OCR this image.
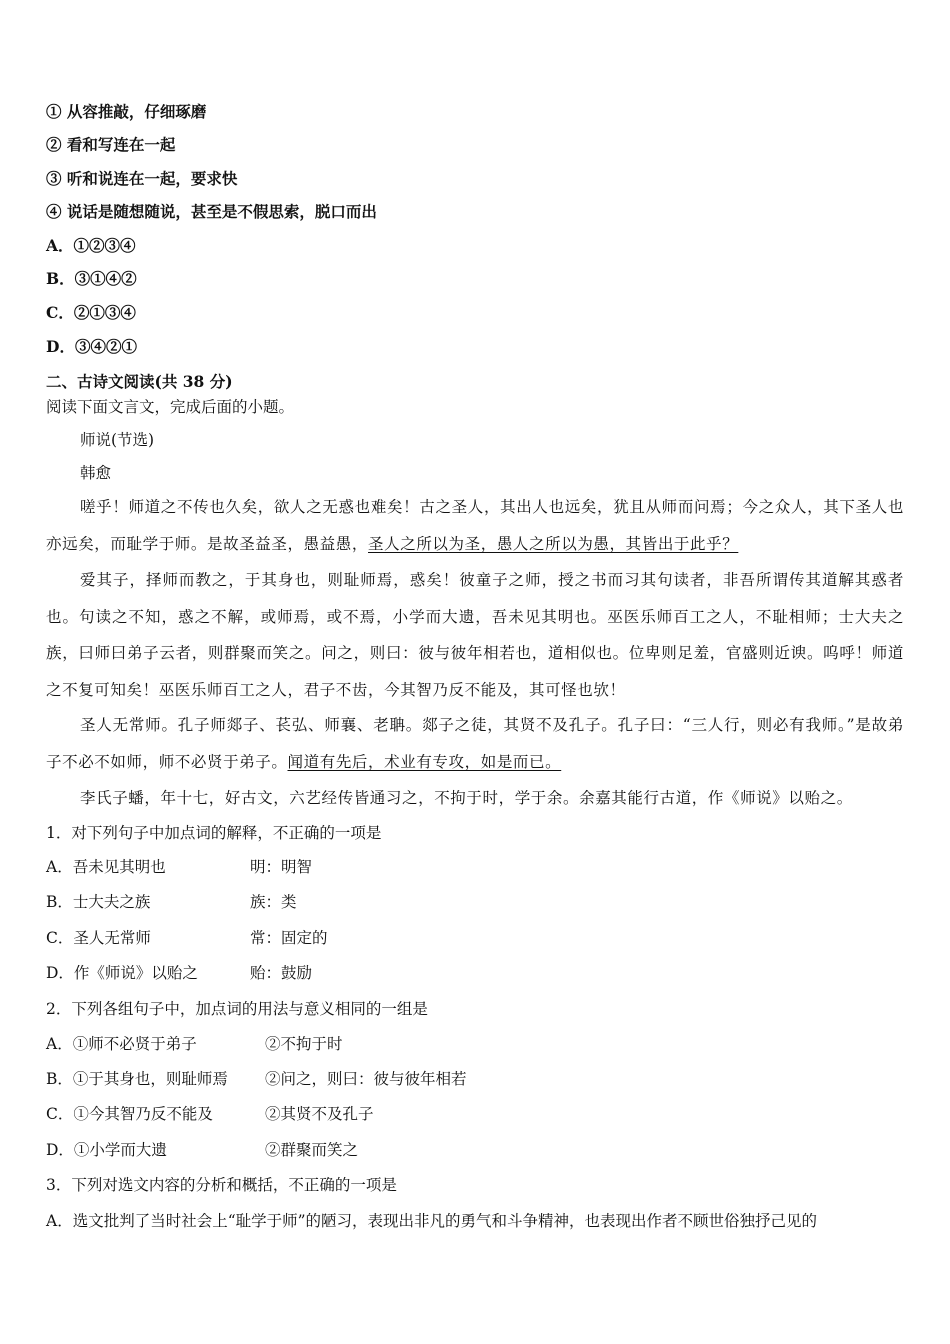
① 从容推敲，仔细琢磨
② 看和写连在一起
③ 听和说连在一起，要求快
④ 说话是随想随说，甚至是不假思索，脱口而出
A．①②③④
B．③①④②
C．②①③④
D．③④②①
二、古诗文阅读(共 38 分)
阅读下面文言文，完成后面的小题。
师说(节选)
韩愈

嗟乎！师道之不传也久矣，欲人之无惑也难矣！古之圣人，其出人也远矣，犹且从师而问焉；今之众人，其下圣人也亦远矣，而耻学于师。是故圣益圣，愚益愚，圣人之所以为圣，愚人之所以为愚，其皆出于此乎？

爱其子，择师而教之，于其身也，则耻师焉，惑矣！彼童子之师，授之书而习其句读者，非吾所谓传其道解其惑者也。句读之不知，惑之不解，或师焉，或不焉，小学而大遗，吾未见其明也。巫医乐师百工之人，不耻相师；士大夫之族，曰师曰弟子云者，则群聚而笑之。问之，则曰：彼与彼年相若也，道相似也。位卑则足羞，官盛则近谀。呜呼！师道之不复可知矣！巫医乐师百工之人，君子不齿，今其智乃反不能及，其可怪也欤！

圣人无常师。孔子师郯子、苌弘、师襄、老聃。郯子之徒，其贤不及孔子。孔子曰：“三人行，则必有我师。”是故弟子不必不如师，师不必贤于弟子。闻道有先后，术业有专攻，如是而已。

李氏子蟠，年十七，好古文，六艺经传皆通习之，不拘于时，学于余。余嘉其能行古道，作《师说》以贻之。

1．对下列句子中加点词的解释，不正确的一项是
A．吾未见其明也	明：明智
B．士大夫之族	族：类
C．圣人无常师	常：固定的
D．作《师说》以贻之	贻：鼓励
2．下列各组句子中，加点词的用法与意义相同的一组是
A．①师不必贤于弟子	②不拘于时
B．①于其身也，则耻师焉 ②问之，则曰：彼与彼年相若
C．①今其智乃反不能及	②其贤不及孔子
D．①小学而大遗	②群聚而笑之
3．下列对选文内容的分析和概括，不正确的一项是
A．选文批判了当时社会上“耻学于师”的陋习，表现出非凡的勇气和斗争精神，也表现出作者不顾世俗独抒己见的
